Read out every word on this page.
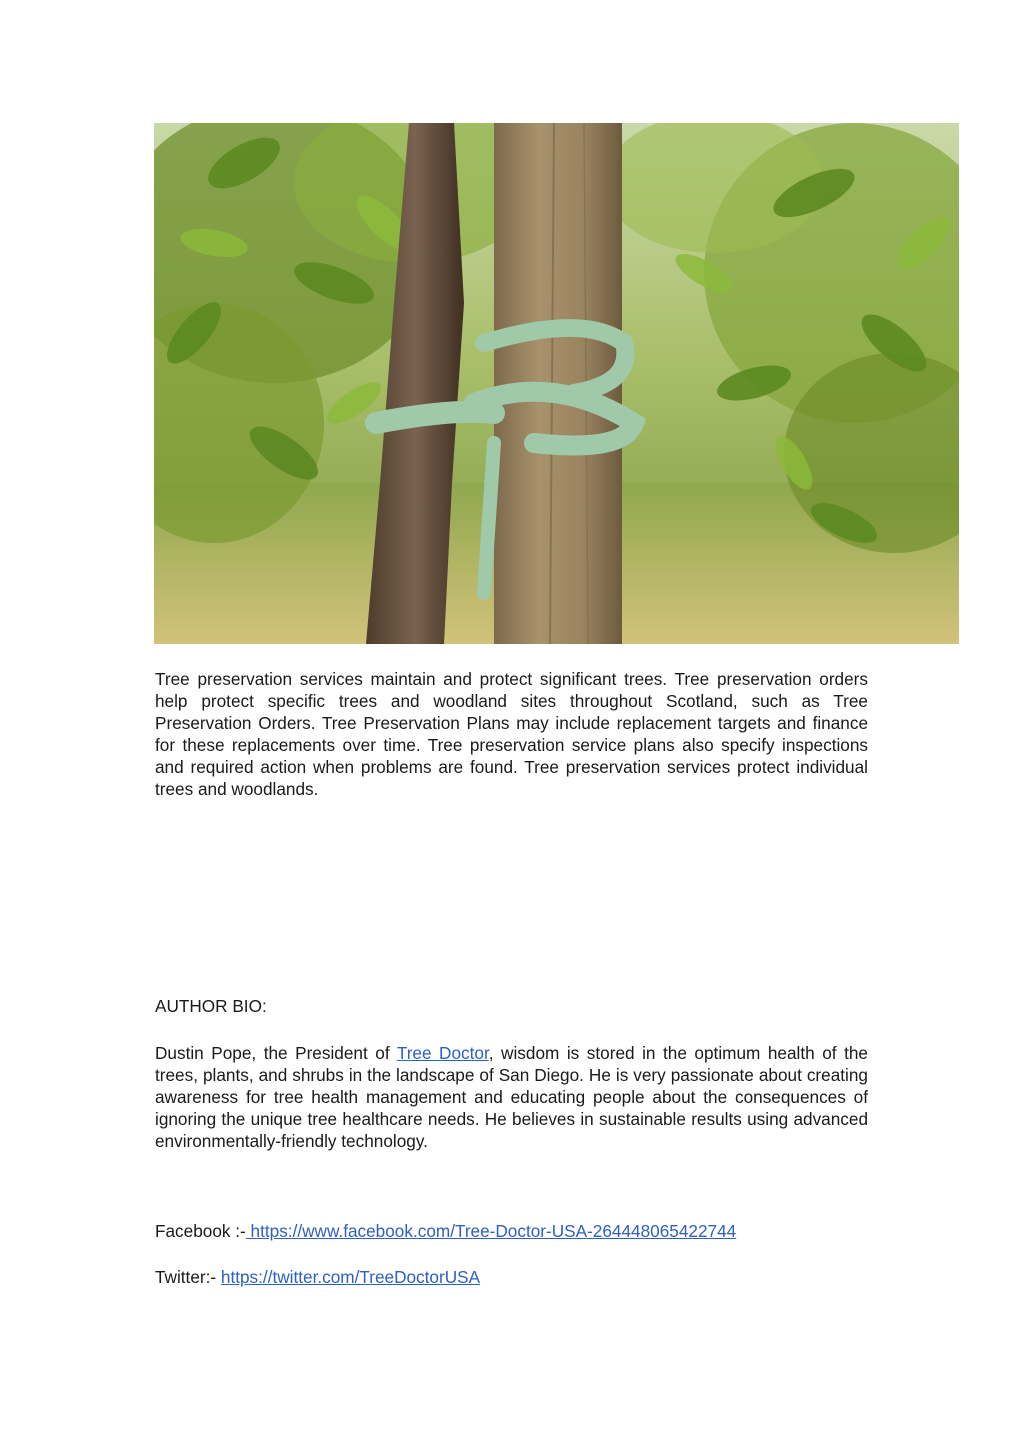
Tree preservation services maintain and protect significant trees. Tree preservation orders help protect specific trees and woodland sites throughout Scotland, such as Tree Preservation Orders. Tree Preservation Plans may include replacement targets and finance for these replacements over time. Tree preservation service plans also specify inspections and required action when problems are found. Tree preservation services protect individual trees and woodlands.
AUTHOR BIO:
Dustin Pope, the President of Tree Doctor, wisdom is stored in the optimum health of the trees, plants, and shrubs in the landscape of San Diego. He is very passionate about creating awareness for tree health management and educating people about the consequences of ignoring the unique tree healthcare needs. He believes in sustainable results using advanced environmentally-friendly technology.
Facebook :- https://www.facebook.com/Tree-Doctor-USA-264448065422744
Twitter:- https://twitter.com/TreeDoctorUSA
